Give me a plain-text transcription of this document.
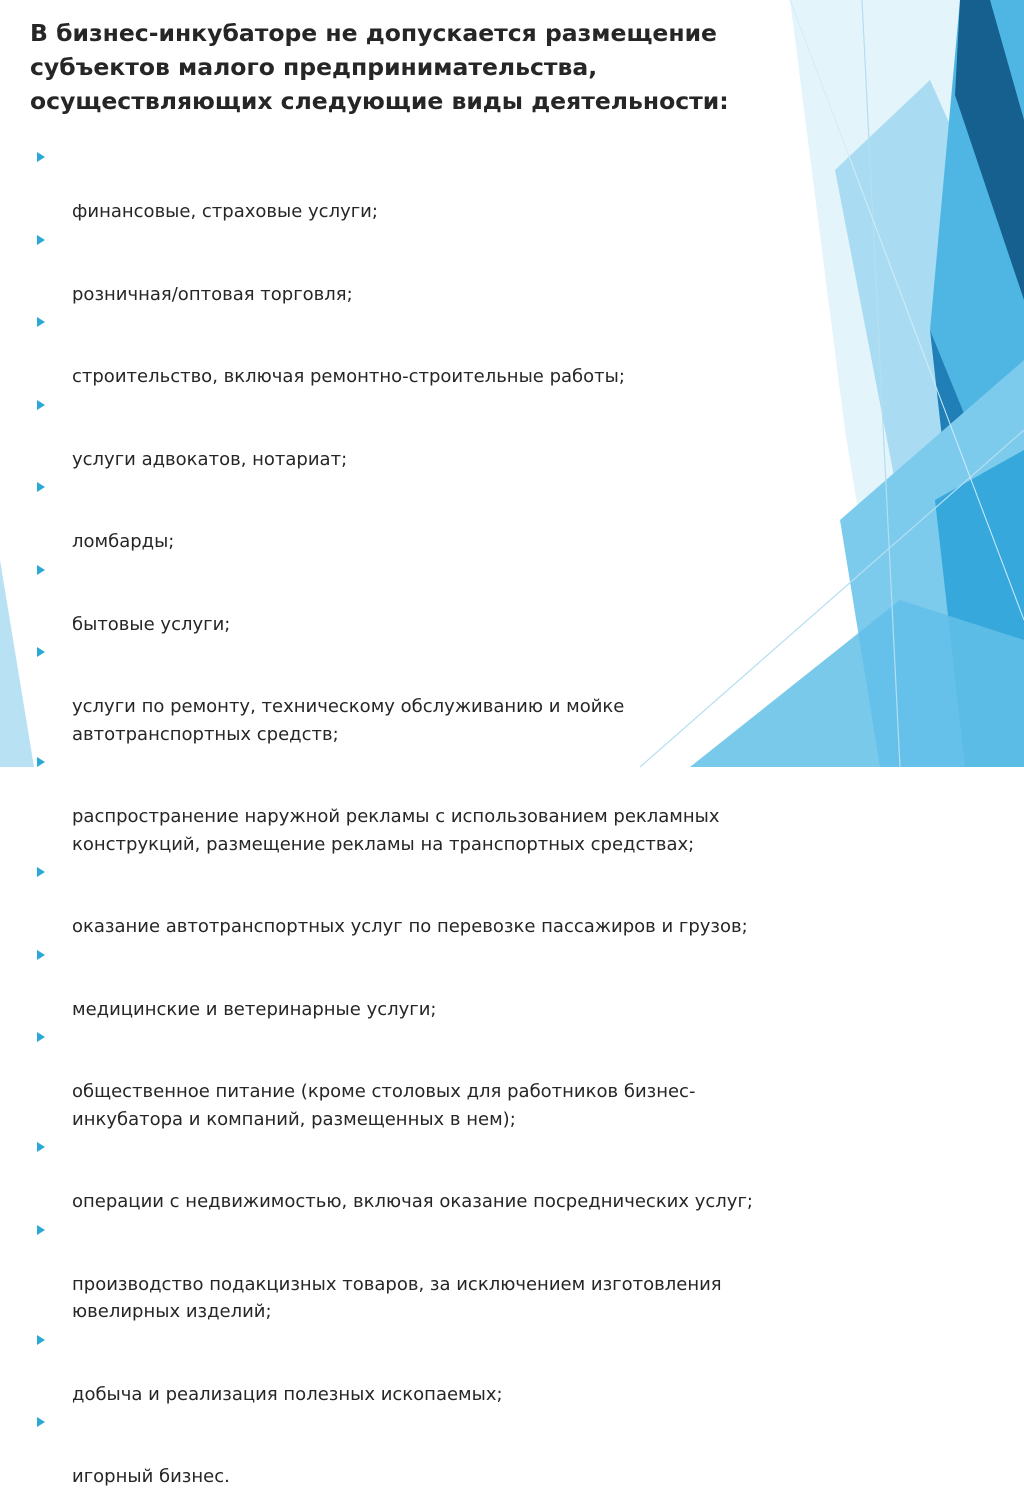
В бизнес-инкубаторе не допускается размещение
субъектов малого предпринимательства,
осуществляющих следующие виды деятельности:

финансовые, страховые услуги;

розничная/оптовая торговля;

строительство, включая ремонтно-строительные работы;

услуги адвокатов, нотариат;

ломбарды;

бытовые услуги;

услуги по ремонту, техническому обслуживанию и мойке
автотранспортных средств;

распространение наружной рекламы с использованием рекламных
конструкций, размещение рекламы на транспортных средствах;

оказание автотранспортных услуг по перевозке пассажиров и грузов;

медицинские и ветеринарные услуги;

общественное питание (кроме столовых для работников бизнес-
инкубатора и компаний, размещенных в нем);

операции с недвижимостью, включая оказание посреднических услуг;

производство подакцизных товаров, за исключением изготовления
ювелирных изделий;

добыча и реализация полезных ископаемых;

игорный бизнес.
